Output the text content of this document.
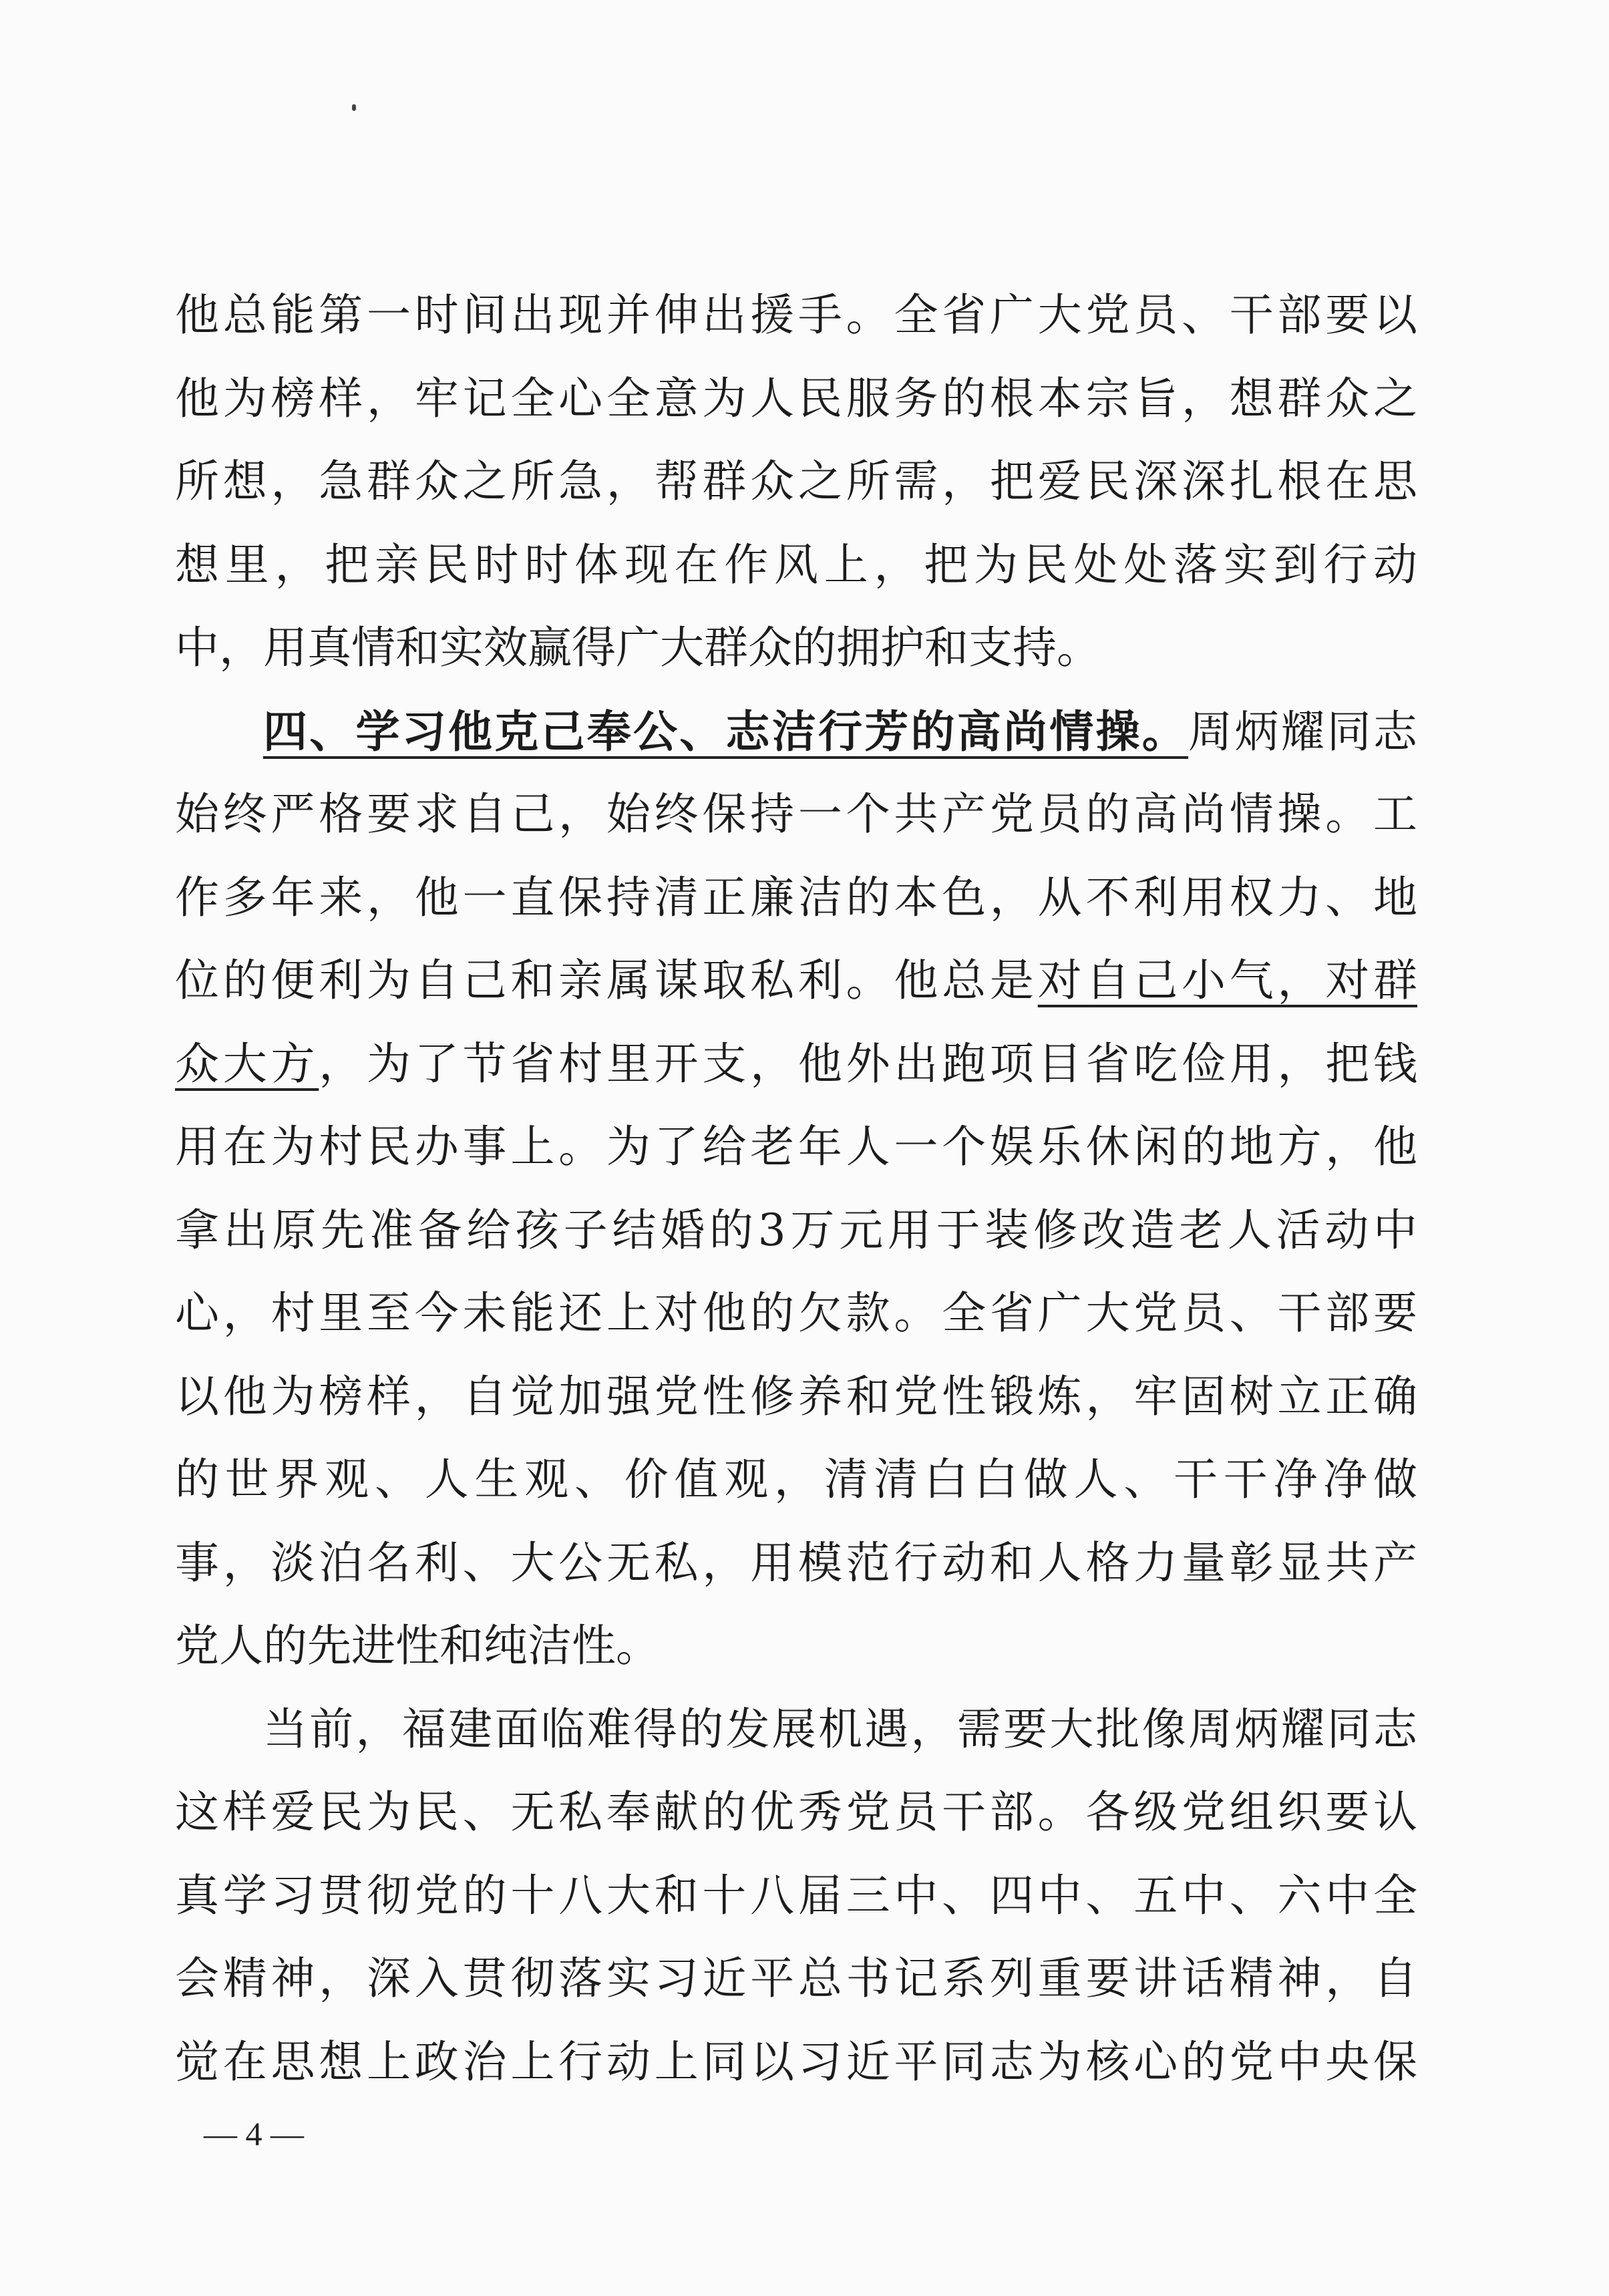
他总能第一时间出现并伸出援手。全省广大党员、干部要以
他为榜样，牢记全心全意为人民服务的根本宗旨，想群众之
所想，急群众之所急，帮群众之所需，把爱民深深扎根在思
想里，把亲民时时体现在作风上，把为民处处落实到行动
中，用真情和实效赢得广大群众的拥护和支持。
四、学习他克己奉公、志洁行芳的高尚情操。周炳耀同志
始终严格要求自己，始终保持一个共产党员的高尚情操。工
作多年来，他一直保持清正廉洁的本色，从不利用权力、地
位的便利为自己和亲属谋取私利。他总是对自己小气，对群
众大方，为了节省村里开支，他外出跑项目省吃俭用，把钱
用在为村民办事上。为了给老年人一个娱乐休闲的地方，他
拿出原先准备给孩子结婚的3万元用于装修改造老人活动中
心，村里至今未能还上对他的欠款。全省广大党员、干部要
以他为榜样，自觉加强党性修养和党性锻炼，牢固树立正确
的世界观、人生观、价值观，清清白白做人、干干净净做
事，淡泊名利、大公无私，用模范行动和人格力量彰显共产
党人的先进性和纯洁性。
当前，福建面临难得的发展机遇，需要大批像周炳耀同志
这样爱民为民、无私奉献的优秀党员干部。各级党组织要认
真学习贯彻党的十八大和十八届三中、四中、五中、六中全
会精神，深入贯彻落实习近平总书记系列重要讲话精神，自
觉在思想上政治上行动上同以习近平同志为核心的党中央保
— 4 —
